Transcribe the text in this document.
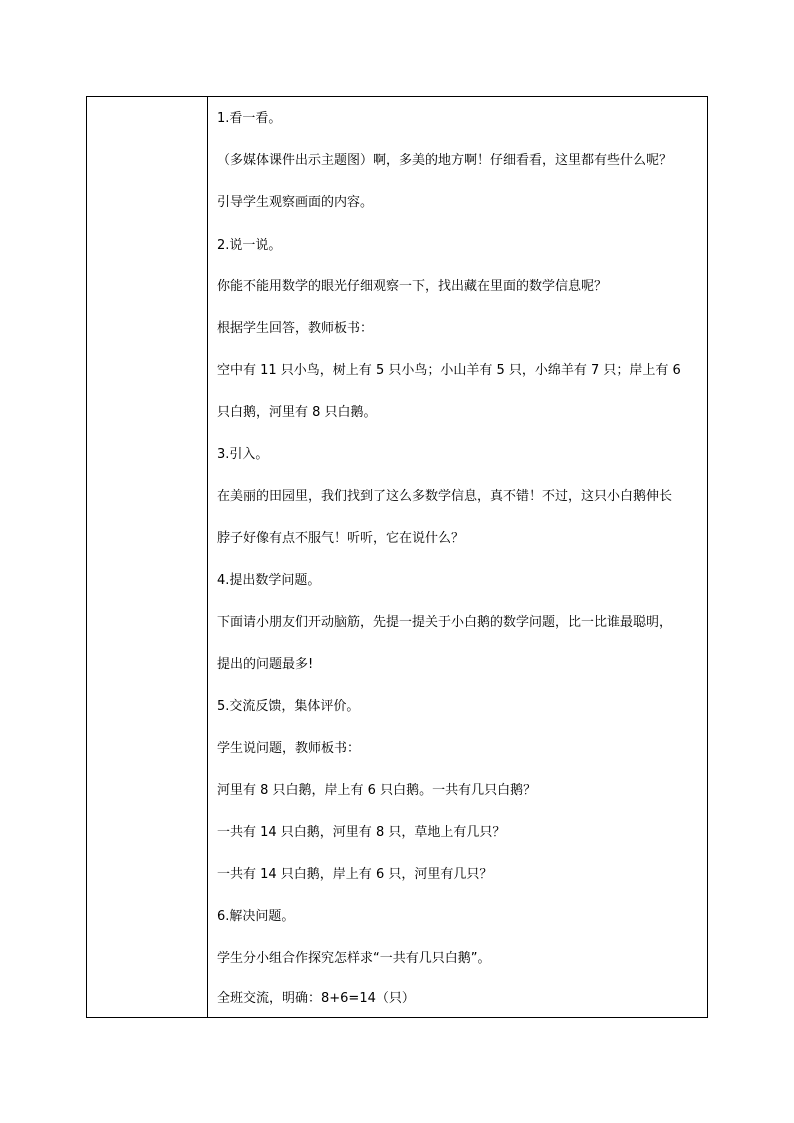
1.看一看。
（多媒体课件出示主题图）啊，多美的地方啊！仔细看看，这里都有些什么呢？
引导学生观察画面的内容。
2.说一说。
你能不能用数学的眼光仔细观察一下，找出藏在里面的数学信息呢？
根据学生回答，教师板书：
空中有 11 只小鸟，树上有 5 只小鸟；小山羊有 5 只，小绵羊有 7 只；岸上有 6
只白鹅，河里有 8 只白鹅。
3.引入。
在美丽的田园里，我们找到了这么多数学信息，真不错！不过，这只小白鹅伸长
脖子好像有点不服气！听听，它在说什么？
4.提出数学问题。
下面请小朋友们开动脑筋，先提一提关于小白鹅的数学问题，比一比谁最聪明，
提出的问题最多!
5.交流反馈，集体评价。
学生说问题，教师板书：
河里有 8 只白鹅，岸上有 6 只白鹅。一共有几只白鹅？
一共有 14 只白鹅，河里有 8 只，草地上有几只？
一共有 14 只白鹅，岸上有 6 只，河里有几只？
6.解决问题。
学生分小组合作探究怎样求“一共有几只白鹅”。
全班交流，明确：8+6=14（只）
